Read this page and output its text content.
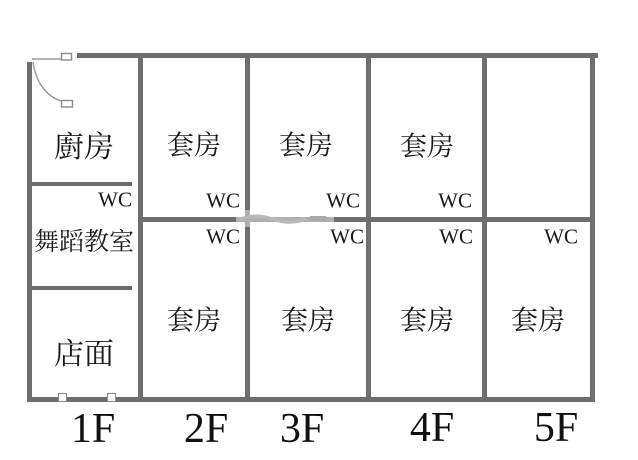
廚房
WC
舞蹈教室
店面
套房 套房 套房
WC	WC	WC
WC	WC	WC	WC
套房 套房 套房 套房
1F 2F 3F 4F 5F
